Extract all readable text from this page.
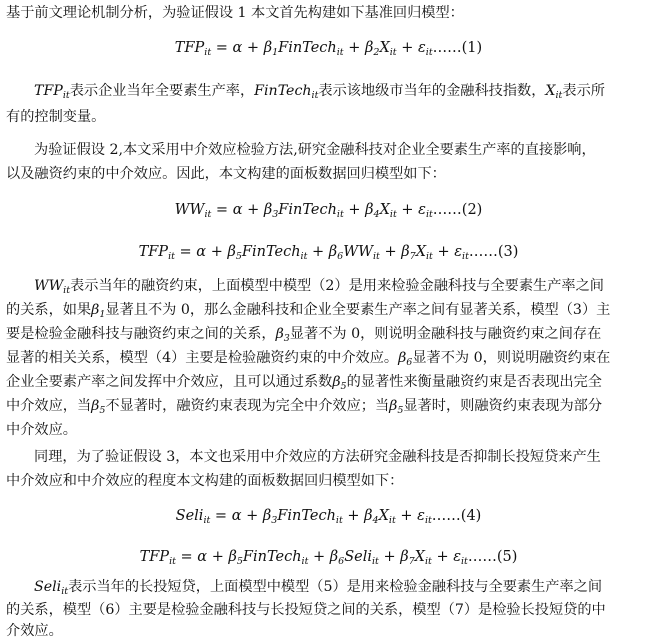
基于前文理论机制分析，为验证假设 1 本文首先构建如下基准回归模型：
$TFP_{it} = \alpha$ + $\beta_1FinTech_{it} + \beta_2X_{it}$ + $\varepsilon_{it}\dots\dots(1)$
$TFP_{it}$表示企业当年全要素生产率，FinTech$_{it}$表示该地级市当年的金融科技指数，$X_{it}$表示所
有的控制变量。
为验证假设 2,本文采用中介效应检验方法,研究金融科技对企业全要素生产率的直接影响，
以及融资约束的中介效应。因此，本文构建的面板数据回归模型如下：
$WW_{it} = \alpha$ + $\beta_3FinTech_{it} + \beta_4X_{it}$ + $\varepsilon_{it}\dots\dots(2)$
$TFP_{it} = \alpha$ + $\beta_5FinTech_{it} + \beta_6WW_{it} + \beta_7X_{it}$ + $\varepsilon_{it}\dots\dots(3)$
$WW_{it}$表示当年的融资约束，上面模型中模型（2）是用来检验金融科技与全要素生产率之间
的关系，如果$\beta_1$显著且不为 0，那么金融科技和企业全要素生产率之间有显著关系，模型（3）主
要是检验金融科技与融资约束之间的关系，$\beta_3$显著不为 0，则说明金融科技与融资约束之间存在
显著的相关关系，模型（4）主要是检验融资约束的中介效应。$\beta_6$显著不为 0，则说明融资约束在
企业全要素产率之间发挥中介效应，且可以通过系数$\beta_5$的显著性来衡量融资约束是否表现出完全
中介效应，当$\beta_5$不显著时，融资约束表现为完全中介效应；当$\beta_5$显著时，则融资约束表现为部分
中介效应。
同理，为了验证假设 3，本文也采用中介效应的方法研究金融科技是否抑制长投短贷来产生
中介效应和中介效应的程度本文构建的面板数据回归模型如下：
Seli$_{it}$ = $\alpha + \beta_3FinTech_{it} + \beta_4X_{it}$ + $\varepsilon_{it}\dots\dots(4)$
$TFP_{it} = \alpha$ + $\beta_5FinTech_{it}$ + $\beta_6Seli_{it} + \beta_7X_{it}$ + $\varepsilon_{it}\dots\dots(5)$
Seli$_{it}$表示当年的长投短贷，上面模型中模型（5）是用来检验金融科技与全要素生产率之间
的关系，模型（6）主要是检验金融科技与长投短贷之间的关系，模型（7）是检验长投短贷的中
介效应。
